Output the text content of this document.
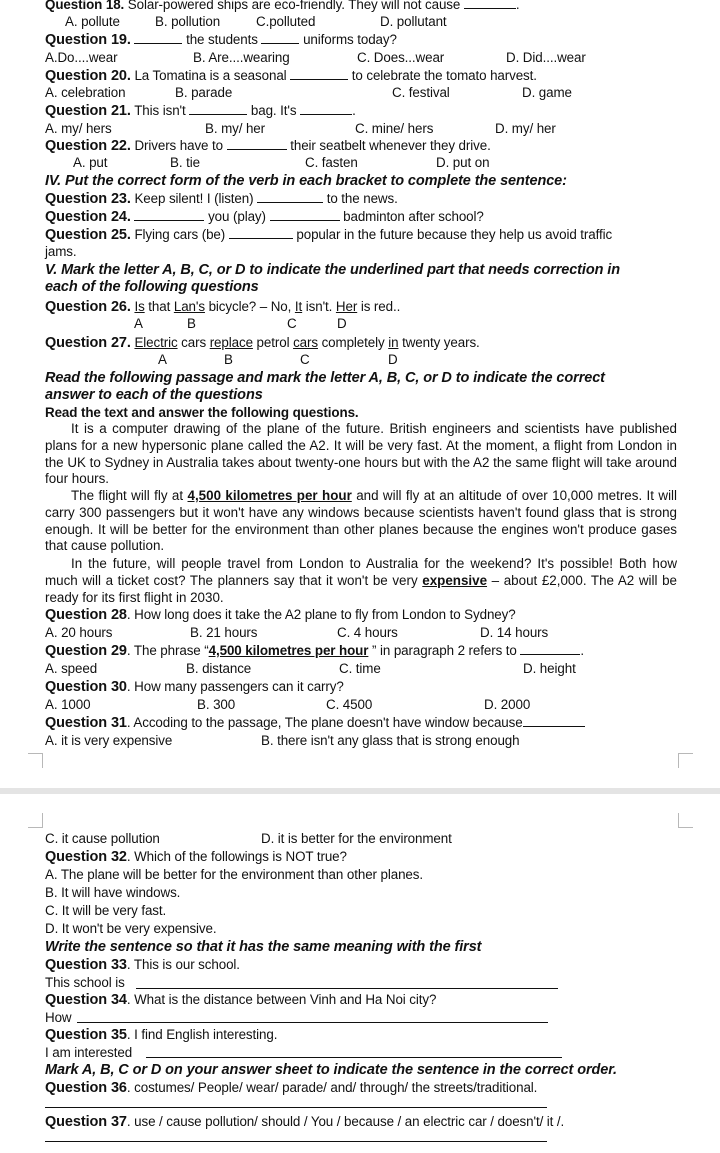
Question 18. Solar-powered ships are eco-friendly. They will not cause	.
A. pollute	B. pollution	C.polluted	D. pollutant
Question 19.	the students	uniforms today?
A.Do....wear	B. Are....wearing	C. Does...wear	D. Did....wear
Question 20. La Tomatina is a seasonal	to celebrate the tomato harvest.
A. celebration	B. parade	C. festival	D. game
Question 21. This isn't	bag. It's	.
A. my/ hers	B. my/ her	C. mine/ hers	D. my/ her
Question 22. Drivers have to	their seatbelt whenever they drive.
A. put	B. tie	C. fasten	D. put on
IV. Put the correct form of the verb in each bracket to complete the sentence:
Question 23. Keep silent! I (listen)	to the news.
Question 24.	you (play)	badminton after school?
Question 25. Flying cars (be)	popular in the future because they help us avoid traffic
jams.
V. Mark the letter A, B, C, or D to indicate the underlined part that needs correction in
each of the following questions
Question 26. Is that Lan's bicycle? – No, It isn't. Her is red..
A	B	C	D
Question 27. Electric cars replace petrol cars completely in twenty years.
A	B	C	D
Read the following passage and mark the letter A, B, C, or D to indicate the correct
answer to each of the questions
Read the text and answer the following questions.
It is a computer drawing of the plane of the future. British engineers and scientists have published plans for a new hypersonic plane called the A2. It will be very fast. At the moment, a flight from London in the UK to Sydney in Australia takes about twenty-one hours but with the A2 the same flight will take around four hours.
The flight will fly at 4,500 kilometres per hour and will fly at an altitude of over 10,000 metres. It will carry 300 passengers but it won't have any windows because scientists haven't found glass that is strong enough. It will be better for the environment than other planes because the engines won't produce gases that cause pollution.
In the future, will people travel from London to Australia for the weekend? It's possible! Both how much will a ticket cost? The planners say that it won't be very expensive – about £2,000. The A2 will be ready for its first flight in 2030.
Question 28. How long does it take the A2 plane to fly from London to Sydney?
A. 20 hours	B. 21 hours	C. 4 hours	D. 14 hours
Question 29. The phrase “4,500 kilometres per hour ” in paragraph 2 refers to	.
A. speed	B. distance	C. time	D. height
Question 30. How many passengers can it carry?
A. 1000	B. 300	C. 4500	D. 2000
Question 31. Accoding to the passage, The plane doesn't have window because
A. it is very expensive	B. there isn't any glass that is strong enough
C. it cause pollution	D. it is better for the environment
Question 32. Which of the followings is NOT true?
A. The plane will be better for the environment than other planes.
B. It will have windows.
C. It will be very fast.
D. It won't be very expensive.
Write the sentence so that it has the same meaning with the first
Question 33. This is our school.
This school is
Question 34. What is the distance between Vinh and Ha Noi city?
How
Question 35. I find English interesting.
I am interested
Mark A, B, C or D on your answer sheet to indicate the sentence in the correct order.
Question 36. costumes/ People/ wear/ parade/ and/ through/ the streets/traditional.
Question 37. use / cause pollution/ should / You / because / an electric car / doesn't/ it /.
